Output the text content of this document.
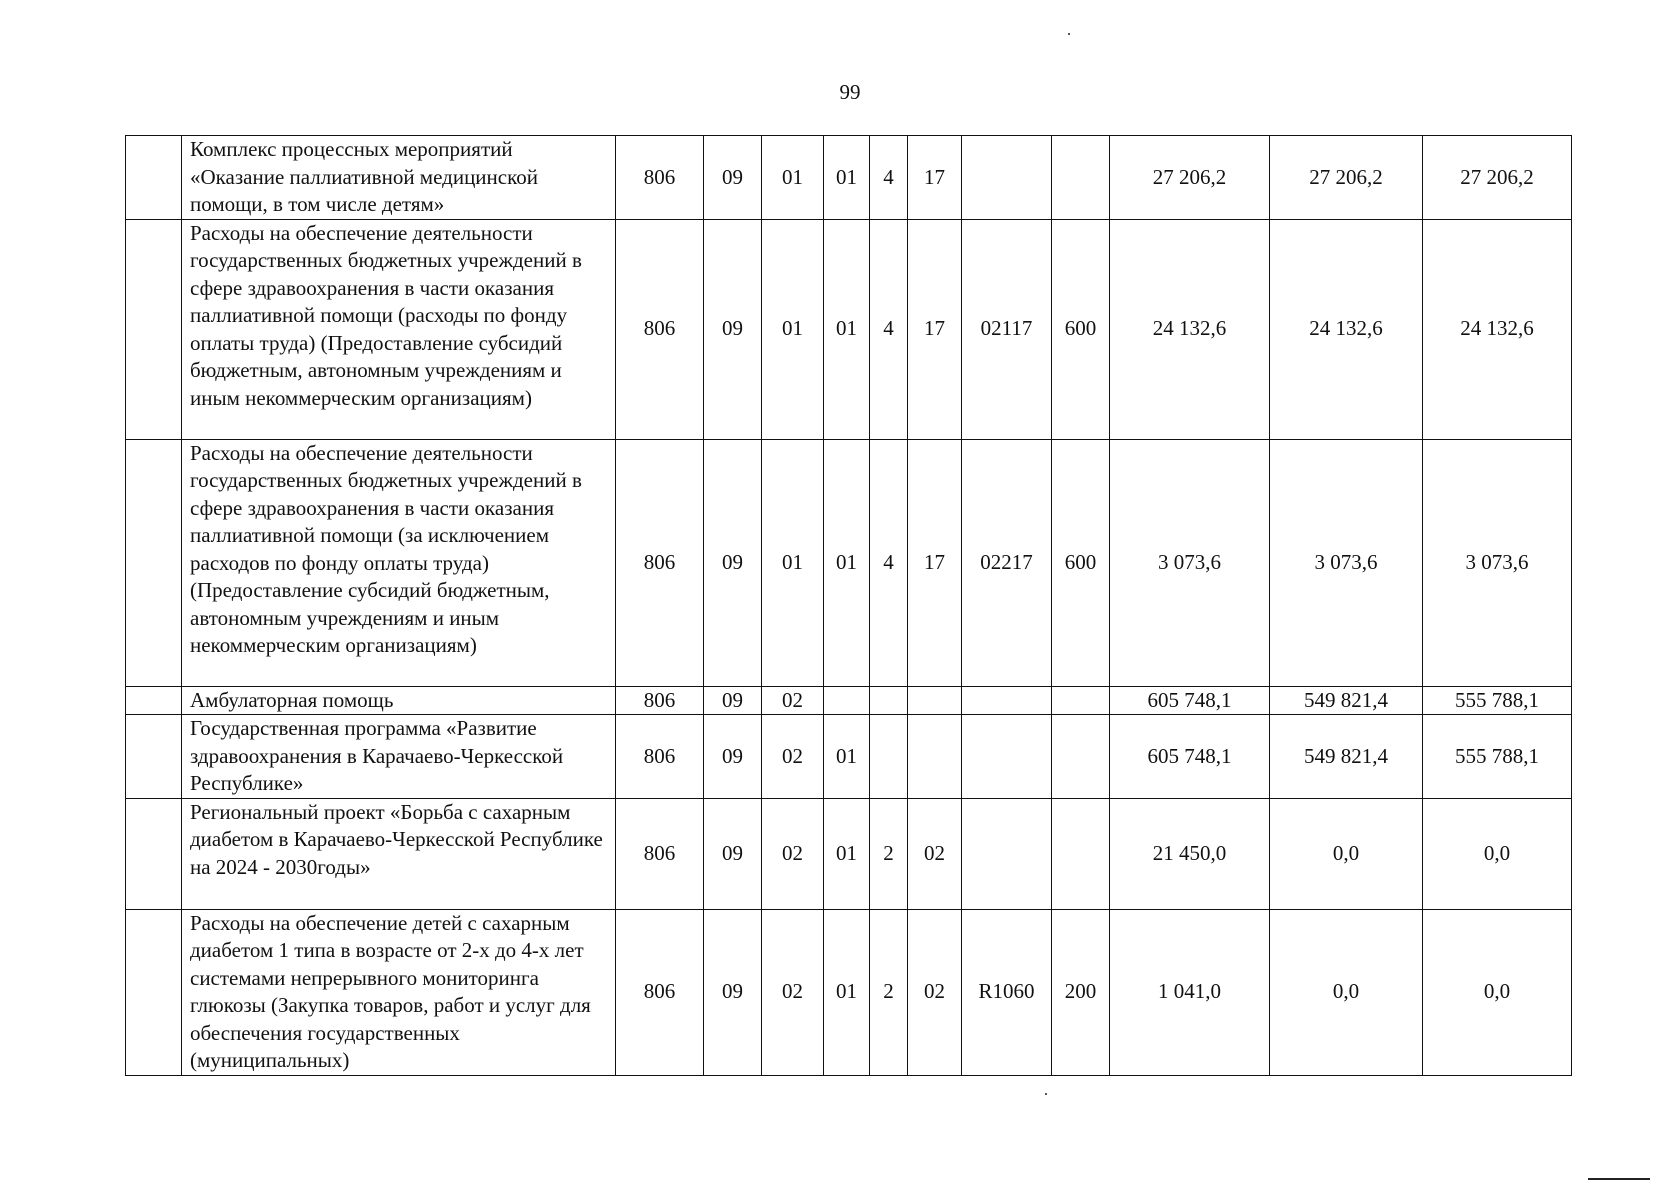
99
	Комплекс процессных мероприятий «Оказание паллиативной медицинской помощи, в том числе детям»	806	09	01	01	4	17			27 206,2	27 206,2	27 206,2
	Расходы на обеспечение деятельности государственных бюджетных учреждений в сфере здравоохранения в части оказания паллиативной помощи (расходы по фонду оплаты труда) (Предоставление субсидий бюджетным, автономным учреждениям и иным некоммерческим организациям)	806	09	01	01	4	17	02117	600	24 132,6	24 132,6	24 132,6
	Расходы на обеспечение деятельности государственных бюджетных учреждений в сфере здравоохранения в части оказания паллиативной помощи (за исключением расходов по фонду оплаты труда) (Предоставление субсидий бюджетным, автономным учреждениям и иным некоммерческим организациям)	806	09	01	01	4	17	02217	600	3 073,6	3 073,6	3 073,6
	Амбулаторная помощь	806	09	02						605 748,1	549 821,4	555 788,1
	Государственная программа «Развитие здравоохранения в Карачаево-Черкесской Республике»	806	09	02	01					605 748,1	549 821,4	555 788,1
	Региональный проект «Борьба с сахарным диабетом в Карачаево-Черкесской Республике на 2024 - 2030годы»	806	09	02	01	2	02			21 450,0	0,0	0,0
	Расходы на обеспечение детей с сахарным диабетом 1 типа в возрасте от 2-х до 4-х лет системами непрерывного мониторинга глюкозы (Закупка товаров, работ и услуг для обеспечения государственных (муниципальных)	806	09	02	01	2	02	R1060	200	1 041,0	0,0	0,0
